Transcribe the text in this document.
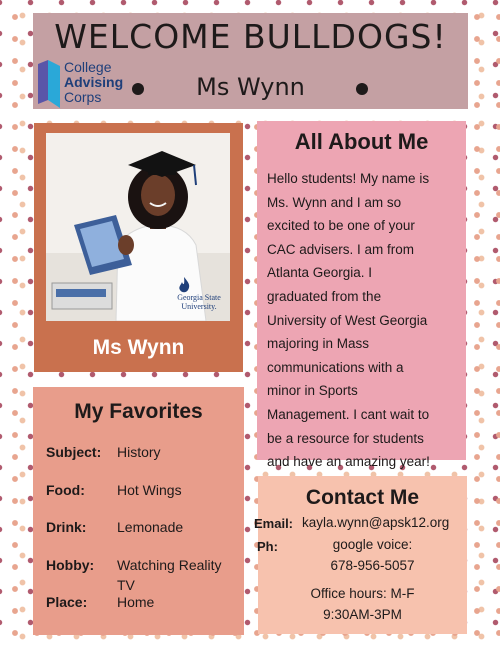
WELCOME BULLDOGS!
College
Advising
Corps	Ms Wynn
Georgia State
University.
Ms Wynn
All About Me
Hello students! My name is
Ms. Wynn and I am so
excited to be one of your
CAC advisers. I am from
Atlanta Georgia. I
graduated from the
University of West Georgia
majoring in Mass
communications with a
minor in Sports
Management. I cant wait to
be a resource for students
and have an amazing year!
My Favorites
Subject: History
Food: Hot Wings
Drink: Lemonade
Hobby: Watching Reality TV
Place: Home
Contact Me
Email: kayla.wynn@apsk12.org
Ph:	google voice:
678-956-5057
Office hours: M-F
9:30AM-3PM
